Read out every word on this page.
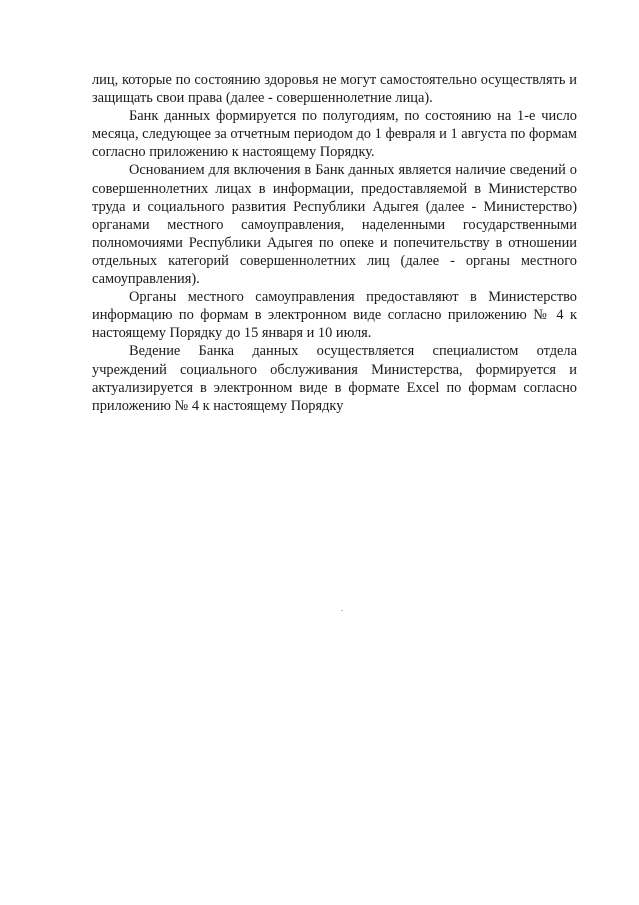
лиц, которые по состоянию здоровья не могут самостоятельно осуществлять и защищать свои права (далее - совершеннолетние лица).

Банк данных формируется по полугодиям, по состоянию на 1-е число месяца, следующее за отчетным периодом до 1 февраля и 1 августа по формам согласно приложению к настоящему Порядку.

Основанием для включения в Банк данных является наличие сведений о совершеннолетних лицах в информации, предоставляемой в Министерство труда и социального развития Республики Адыгея (далее - Министерство) органами местного самоуправления, наделенными государственными полномочиями Республики Адыгея по опеке и попечительству в отношении отдельных категорий совершеннолетних лиц (далее - органы местного самоуправления).

Органы местного самоуправления предоставляют в Министерство информацию по формам в электронном виде согласно приложению № 4 к настоящему Порядку до 15 января и 10 июля.

Ведение Банка данных осуществляется специалистом отдела учреждений социального обслуживания Министерства, формируется и актуализируется в электронном виде в формате Excel по формам согласно приложению № 4 к настоящему Порядку
